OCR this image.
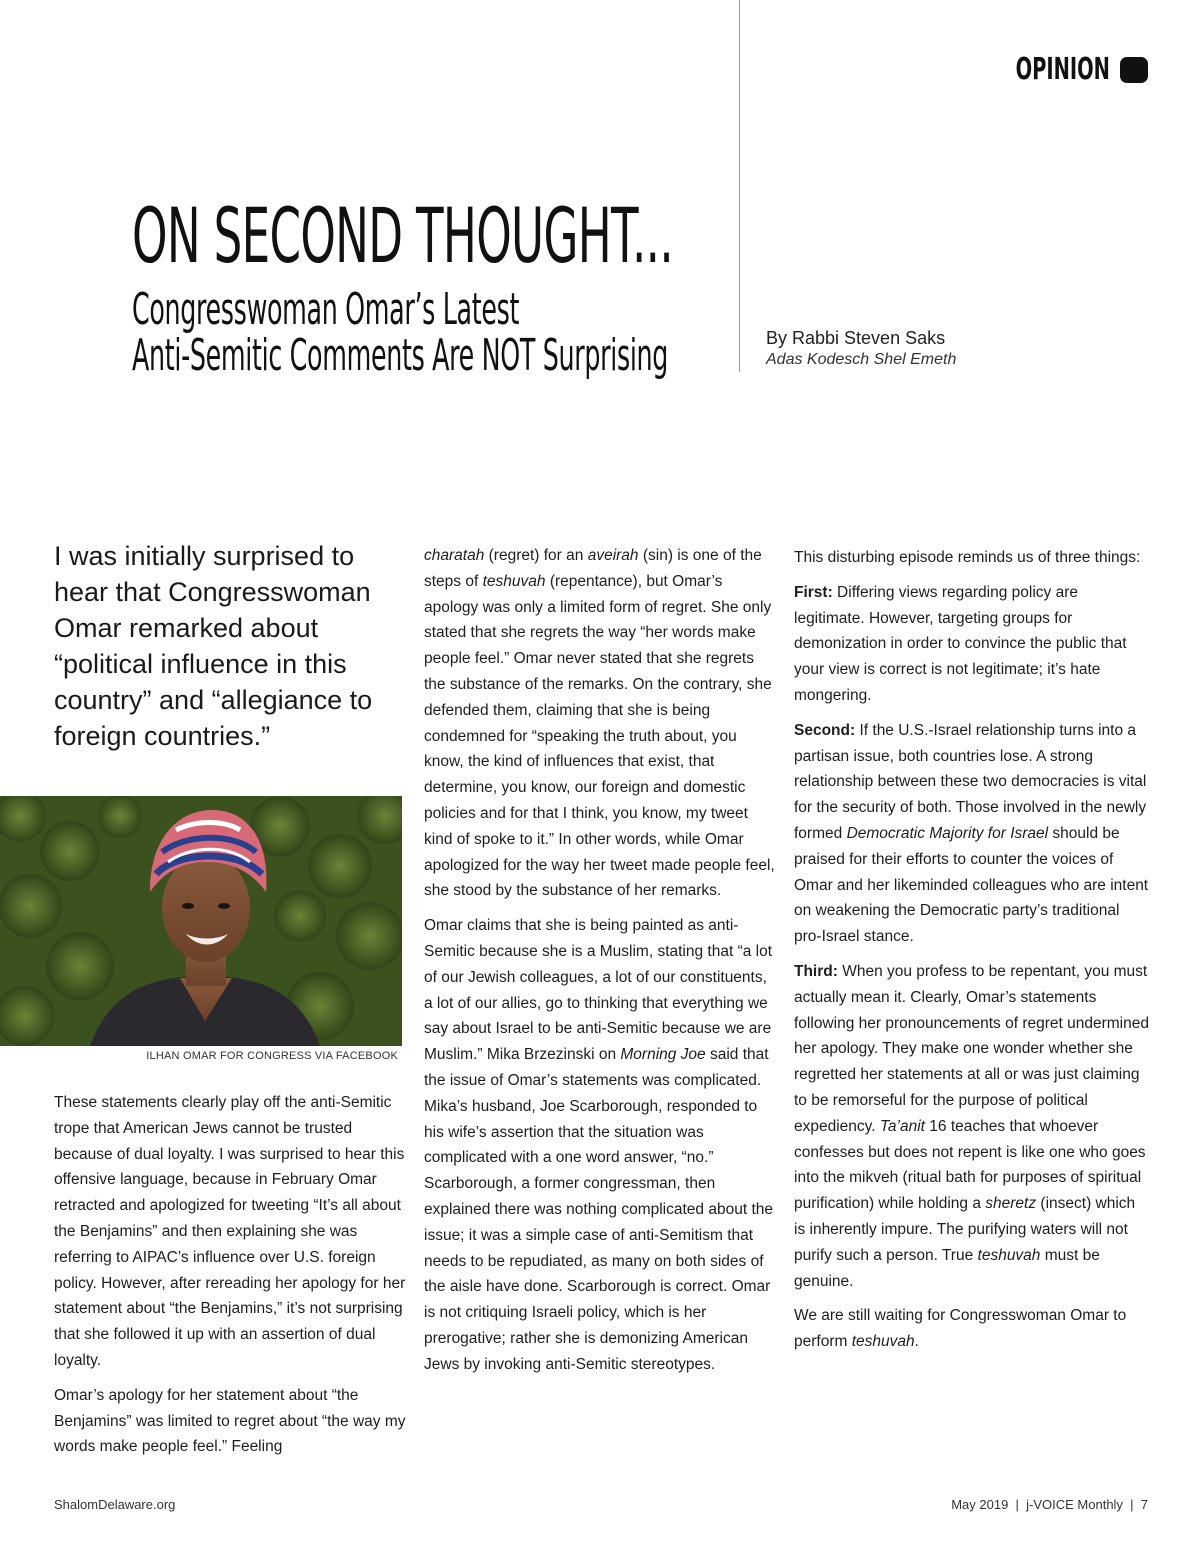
OPINION
ON SECOND THOUGHT...
Congresswoman Omar’s Latest
Anti-Semitic Comments Are NOT Surprising	By Rabbi Steven Saks
Adas Kodesch Shel Emeth
I was initially surprised to hear that Congresswoman Omar remarked about “political influence in this country” and “allegiance to foreign countries.”
ILHAN OMAR FOR CONGRESS VIA FACEBOOK

These statements clearly play off the anti-Semitic trope that American Jews cannot be trusted because of dual loyalty. I was surprised to hear this offensive language, because in February Omar retracted and apologized for tweeting “It’s all about the Benjamins” and then explaining she was referring to AIPAC’s influence over U.S. foreign policy. However, after rereading her apology for her statement about “the Benjamins,” it’s not surprising that she followed it up with an assertion of dual loyalty.

Omar’s apology for her statement about “the Benjamins” was limited to regret about “the way my words make people feel.” Feeling

charatah (regret) for an aveirah (sin) is one of the steps of teshuvah (repentance), but Omar’s apology was only a limited form of regret. She only stated that she regrets the way “her words make people feel.” Omar never stated that she regrets the substance of the remarks. On the contrary, she defended them, claiming that she is being condemned for “speaking the truth about, you know, the kind of influences that exist, that determine, you know, our foreign and domestic policies and for that I think, you know, my tweet kind of spoke to it.” In other words, while Omar apologized for the way her tweet made people feel, she stood by the substance of her remarks.

Omar claims that she is being painted as anti-Semitic because she is a Muslim, stating that “a lot of our Jewish colleagues, a lot of our constituents, a lot of our allies, go to thinking that everything we say about Israel to be anti-Semitic because we are Muslim.” Mika Brzezinski on Morning Joe said that the issue of Omar’s statements was complicated. Mika’s husband, Joe Scarborough, responded to his wife’s assertion that the situation was complicated with a one word answer, “no.” Scarborough, a former congressman, then explained there was nothing complicated about the issue; it was a simple case of anti-Semitism that needs to be repudiated, as many on both sides of the aisle have done. Scarborough is correct. Omar is not critiquing Israeli policy, which is her prerogative; rather she is demonizing American Jews by invoking anti-Semitic stereotypes.

This disturbing episode reminds us of three things:

First: Differing views regarding policy are legitimate. However, targeting groups for demonization in order to convince the public that your view is correct is not legitimate; it’s hate mongering.

Second: If the U.S.-Israel relationship turns into a partisan issue, both countries lose. A strong relationship between these two democracies is vital for the security of both. Those involved in the newly formed Democratic Majority for Israel should be praised for their efforts to counter the voices of Omar and her likeminded colleagues who are intent on weakening the Democratic party’s traditional pro-Israel stance.

Third: When you profess to be repentant, you must actually mean it. Clearly, Omar’s statements following her pronouncements of regret undermined her apology. They make one wonder whether she regretted her statements at all or was just claiming to be remorseful for the purpose of political expediency. Ta’anit 16 teaches that whoever confesses but does not repent is like one who goes into the mikveh (ritual bath for purposes of spiritual purification) while holding a sheretz (insect) which is inherently impure. The purifying waters will not purify such a person. True teshuvah must be genuine.

We are still waiting for Congresswoman Omar to perform teshuvah.

ShalomDelaware.org	May 2019  |  j-VOICE Monthly  |  7
